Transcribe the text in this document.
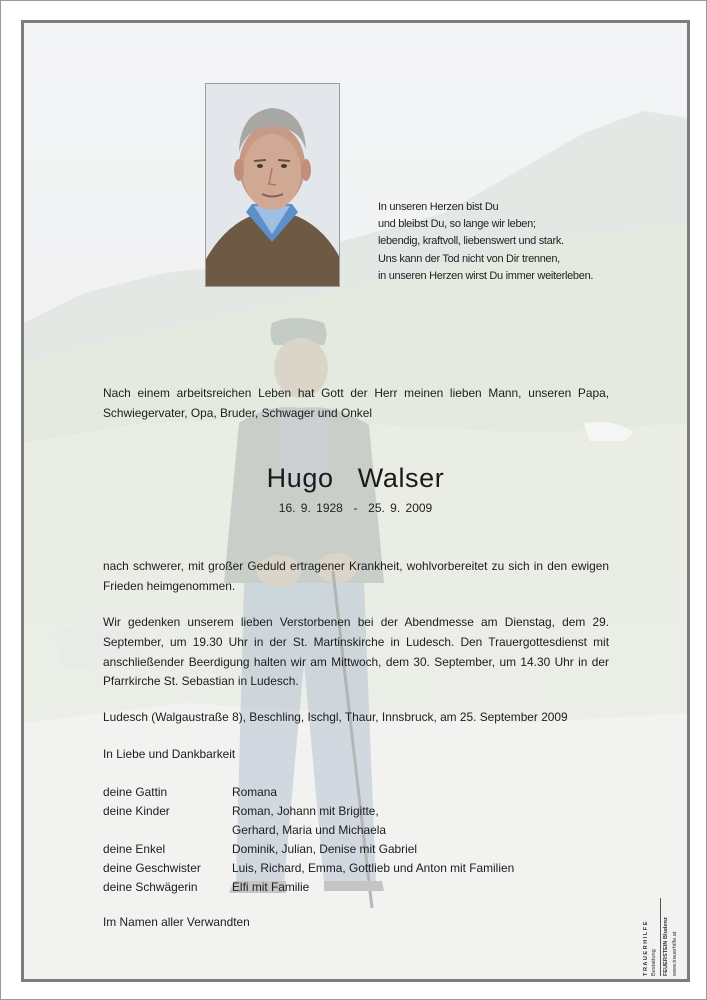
In unseren Herzen bist Du
und bleibst Du, so lange wir leben;
lebendig, kraftvoll, liebenswert und stark.
Uns kann der Tod nicht von Dir trennen,
in unseren Herzen wirst Du immer weiterleben.
Nach einem arbeitsreichen Leben hat Gott der Herr meinen lieben Mann, unseren Papa, Schwiegervater, Opa, Bruder, Schwager und Onkel
Hugo  Walser
16. 9. 1928  -  25. 9. 2009
nach schwerer, mit großer Geduld ertragener Krankheit, wohlvorbereitet zu sich in den ewigen Frieden heimgenommen.
Wir gedenken unserem lieben Verstorbenen bei der Abendmesse am Dienstag, dem 29. September, um 19.30 Uhr in der St. Martinskirche in Ludesch. Den Trauergottesdienst mit anschließender Beerdigung halten wir am Mittwoch, dem 30. September, um 14.30 Uhr in der Pfarrkirche St. Sebastian in Ludesch.
Ludesch (Walgaustraße 8), Beschling, Ischgl, Thaur, Innsbruck, am 25. September 2009
In Liebe und Dankbarkeit
deine Gattin	Romana
deine Kinder	Roman, Johann mit Brigitte,
Gerhard, Maria und Michaela
deine Enkel	Dominik, Julian, Denise mit Gabriel
deine Geschwister	Luis, Richard, Emma, Gottlieb und Anton mit Familien
deine Schwägerin	Elfi mit Familie
Im Namen aller Verwandten	T R A U E R H I L F E Bestattung FEUERSTEIN Bludenz www.trauerhilfe.at
